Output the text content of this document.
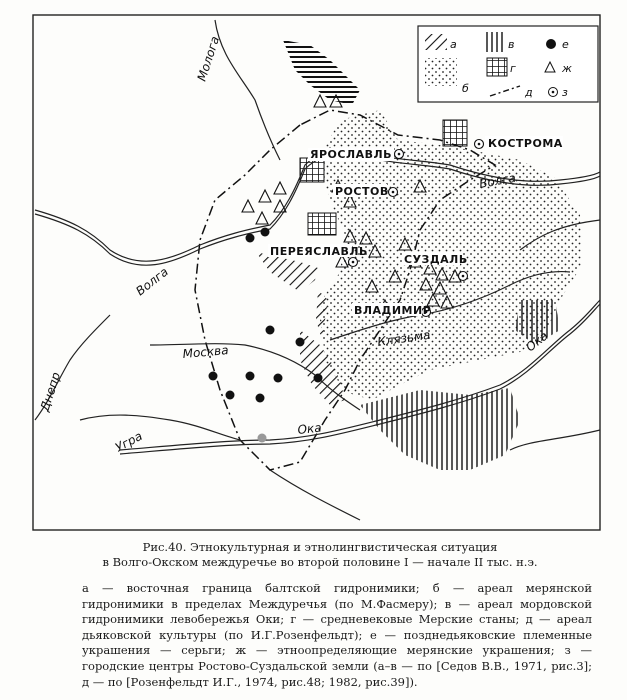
а	в	е
б
г	ж
д	з
КОСТРОМА
ЯРОСЛАВЛЬ
РОСТОВ
ПЕРЕЯСЛАВЛЬ
СУЗДАЛЬ
ВЛАДИМИР
Молога
Волга
Волга
Москва
Угра
Ока
Ока
Днепр
Клязьма
Рис.40. Этнокультурная и этнолингвистическая ситуация
в Волго-Окском междуречье во второй половине I — начале II тыс. н.э.
а — восточная граница балтской гидронимики; б — ареал мерянской гидронимики в пределах Междуречья (по М.Фасмеру); в — ареал мордовской гидронимики левобережья Оки; г — средневековые Мерские станы; д — ареал дьяковской культуры (по И.Г.Розенфельдт); е — позднедьяковские племенные украшения — серьги; ж — этноопределяющие мерянские украшения; з — городские центры Ростово-Суздальской земли (а–в — по [Седов В.В., 1971, рис.3]; д — по [Розенфельдт И.Г., 1974, рис.48; 1982, рис.39]).
